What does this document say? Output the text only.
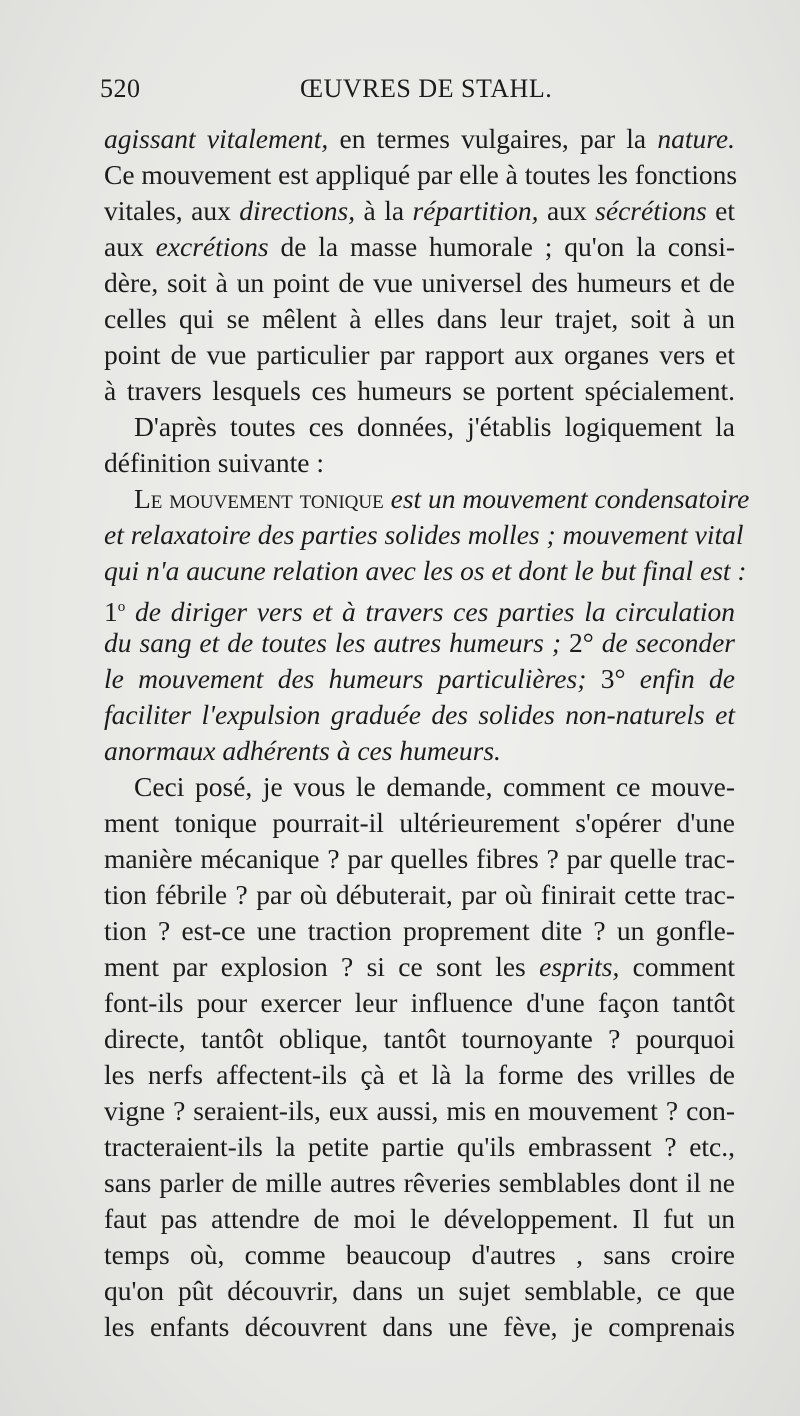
520	ŒUVRES DE STAHL.
agissant vitalement, en termes vulgaires, par la nature.
Ce mouvement est appliqué par elle à toutes les fonctions
vitales, aux directions, à la répartition, aux sécrétions et
aux excrétions de la masse humorale ; qu'on la consi-
dère, soit à un point de vue universel des humeurs et de
celles qui se mêlent à elles dans leur trajet, soit à un
point de vue particulier par rapport aux organes vers et
à travers lesquels ces humeurs se portent spécialement.
D'après toutes ces données, j'établis logiquement la
définition suivante :
Le mouvement tonique est un mouvement condensatoire
et relaxatoire des parties solides molles ; mouvement vital
qui n'a aucune relation avec les os et dont le but final est :
1$^o$ de diriger vers et à travers ces parties la circulation
du sang et de toutes les autres humeurs ; 2° de seconder
le mouvement des humeurs particulières; 3° enfin de
faciliter l'expulsion graduée des solides non-naturels et
anormaux adhérents à ces humeurs.
Ceci posé, je vous le demande, comment ce mouve-
ment tonique pourrait-il ultérieurement s'opérer d'une
manière mécanique ? par quelles fibres ? par quelle trac-
tion fébrile ? par où débuterait, par où finirait cette trac-
tion ? est-ce une traction proprement dite ? un gonfle-
ment par explosion ? si ce sont les esprits, comment
font-ils pour exercer leur influence d'une façon tantôt
directe, tantôt oblique, tantôt tournoyante ? pourquoi
les nerfs affectent-ils çà et là la forme des vrilles de
vigne ? seraient-ils, eux aussi, mis en mouvement ? con-
tracteraient-ils la petite partie qu'ils embrassent ? etc.,
sans parler de mille autres rêveries semblables dont il ne
faut pas attendre de moi le développement. Il fut un
temps où, comme beaucoup d'autres , sans croire
qu'on pût découvrir, dans un sujet semblable, ce que
les enfants découvrent dans une fève, je comprenais
